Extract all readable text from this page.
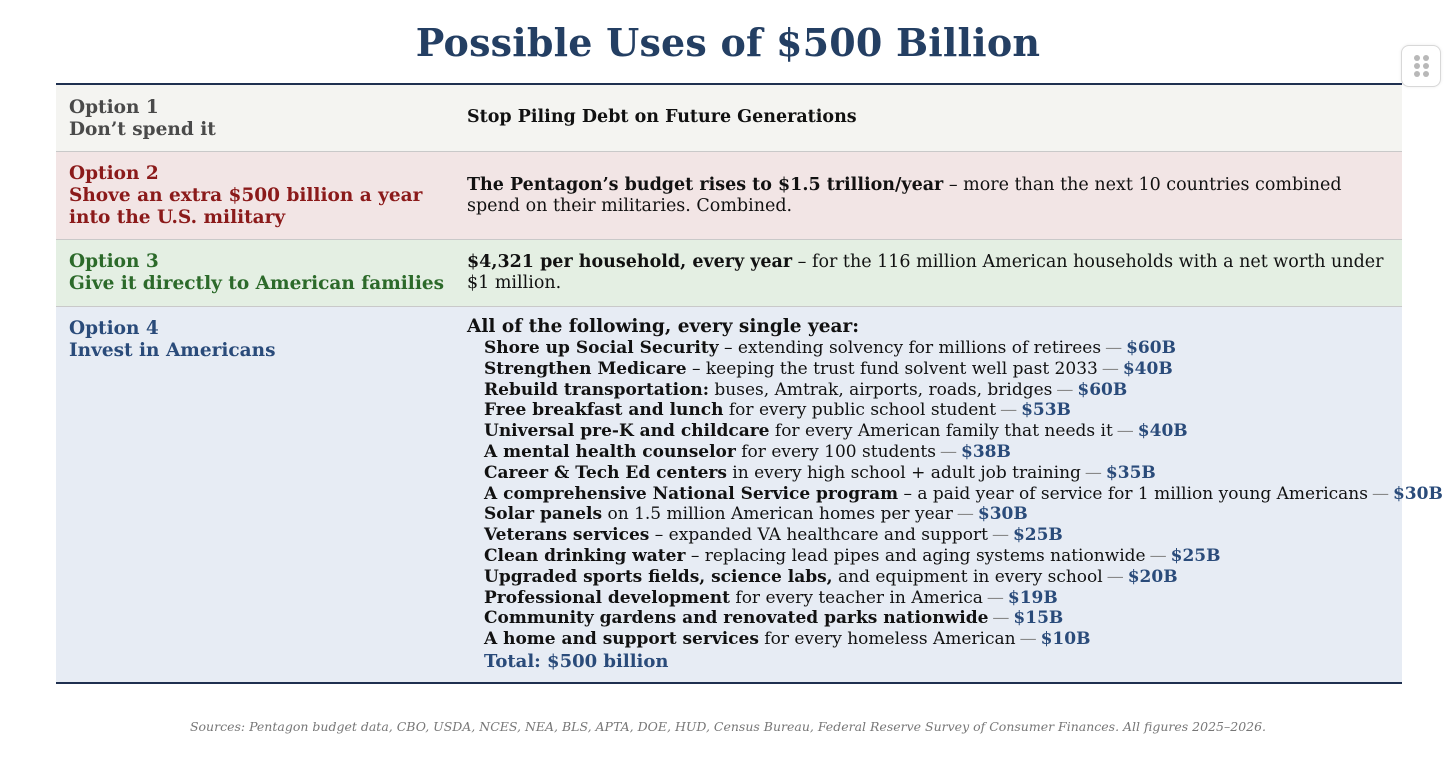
Possible Uses of $500 Billion
Option 1
Don’t spend it
Stop Piling Debt on Future Generations
Option 2
Shove an extra $500 billion a year into the U.S. military
The Pentagon’s budget rises to $1.5 trillion/year – more than the next 10 countries combined spend on their militaries. Combined.
Option 3
Give it directly to American families
$4,321 per household, every year – for the 116 million American households with a net worth under $1 million.
Option 4
Invest in Americans
All of the following, every single year:
Shore up Social Security – extending solvency for millions of retirees — $60B
Strengthen Medicare – keeping the trust fund solvent well past 2033 — $40B
Rebuild transportation: buses, Amtrak, airports, roads, bridges — $60B
Free breakfast and lunch for every public school student — $53B
Universal pre-K and childcare for every American family that needs it — $40B
A mental health counselor for every 100 students — $38B
Career & Tech Ed centers in every high school + adult job training — $35B
A comprehensive National Service program – a paid year of service for 1 million young Americans — $30B
Solar panels on 1.5 million American homes per year — $30B
Veterans services – expanded VA healthcare and support — $25B
Clean drinking water – replacing lead pipes and aging systems nationwide — $25B
Upgraded sports fields, science labs, and equipment in every school — $20B
Professional development for every teacher in America — $19B
Community gardens and renovated parks nationwide — $15B
A home and support services for every homeless American — $10B
Total: $500 billion
Sources: Pentagon budget data, CBO, USDA, NCES, NEA, BLS, APTA, DOE, HUD, Census Bureau, Federal Reserve Survey of Consumer Finances. All figures 2025–2026.
